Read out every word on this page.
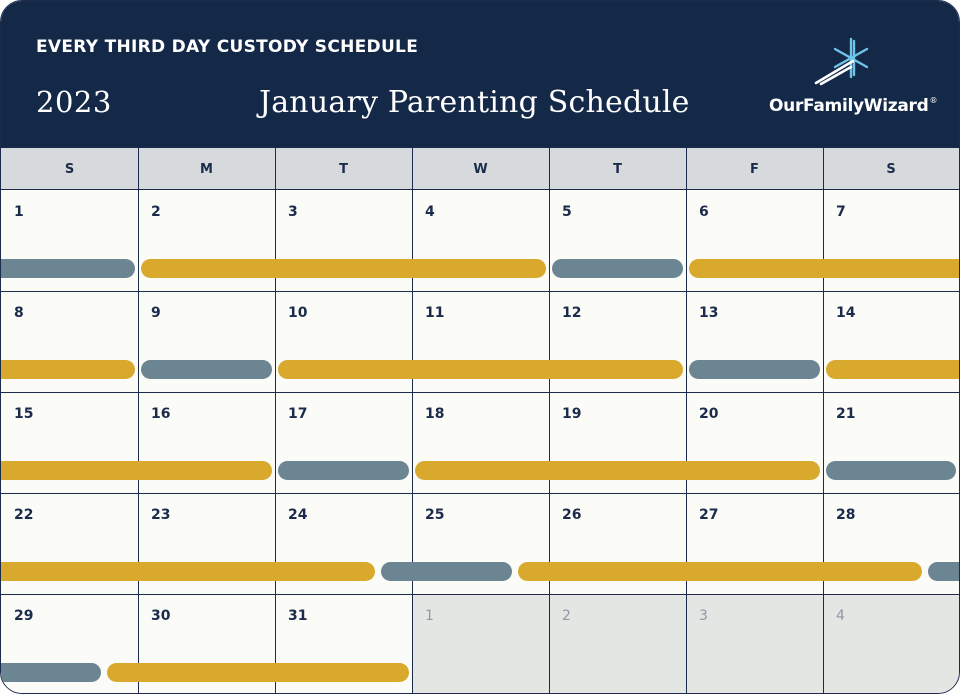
EVERY THIRD DAY CUSTODY SCHEDULE
2023	January Parenting Schedule	OurFamilyWizard®
S	M	T	W	T	F	S
1	2	3	4	5	6	7
8	9	10	11	12	13	14
15	16	17	18	19	20	21
22	23	24	25	26	27	28
29	30	31	1	2	3	4
